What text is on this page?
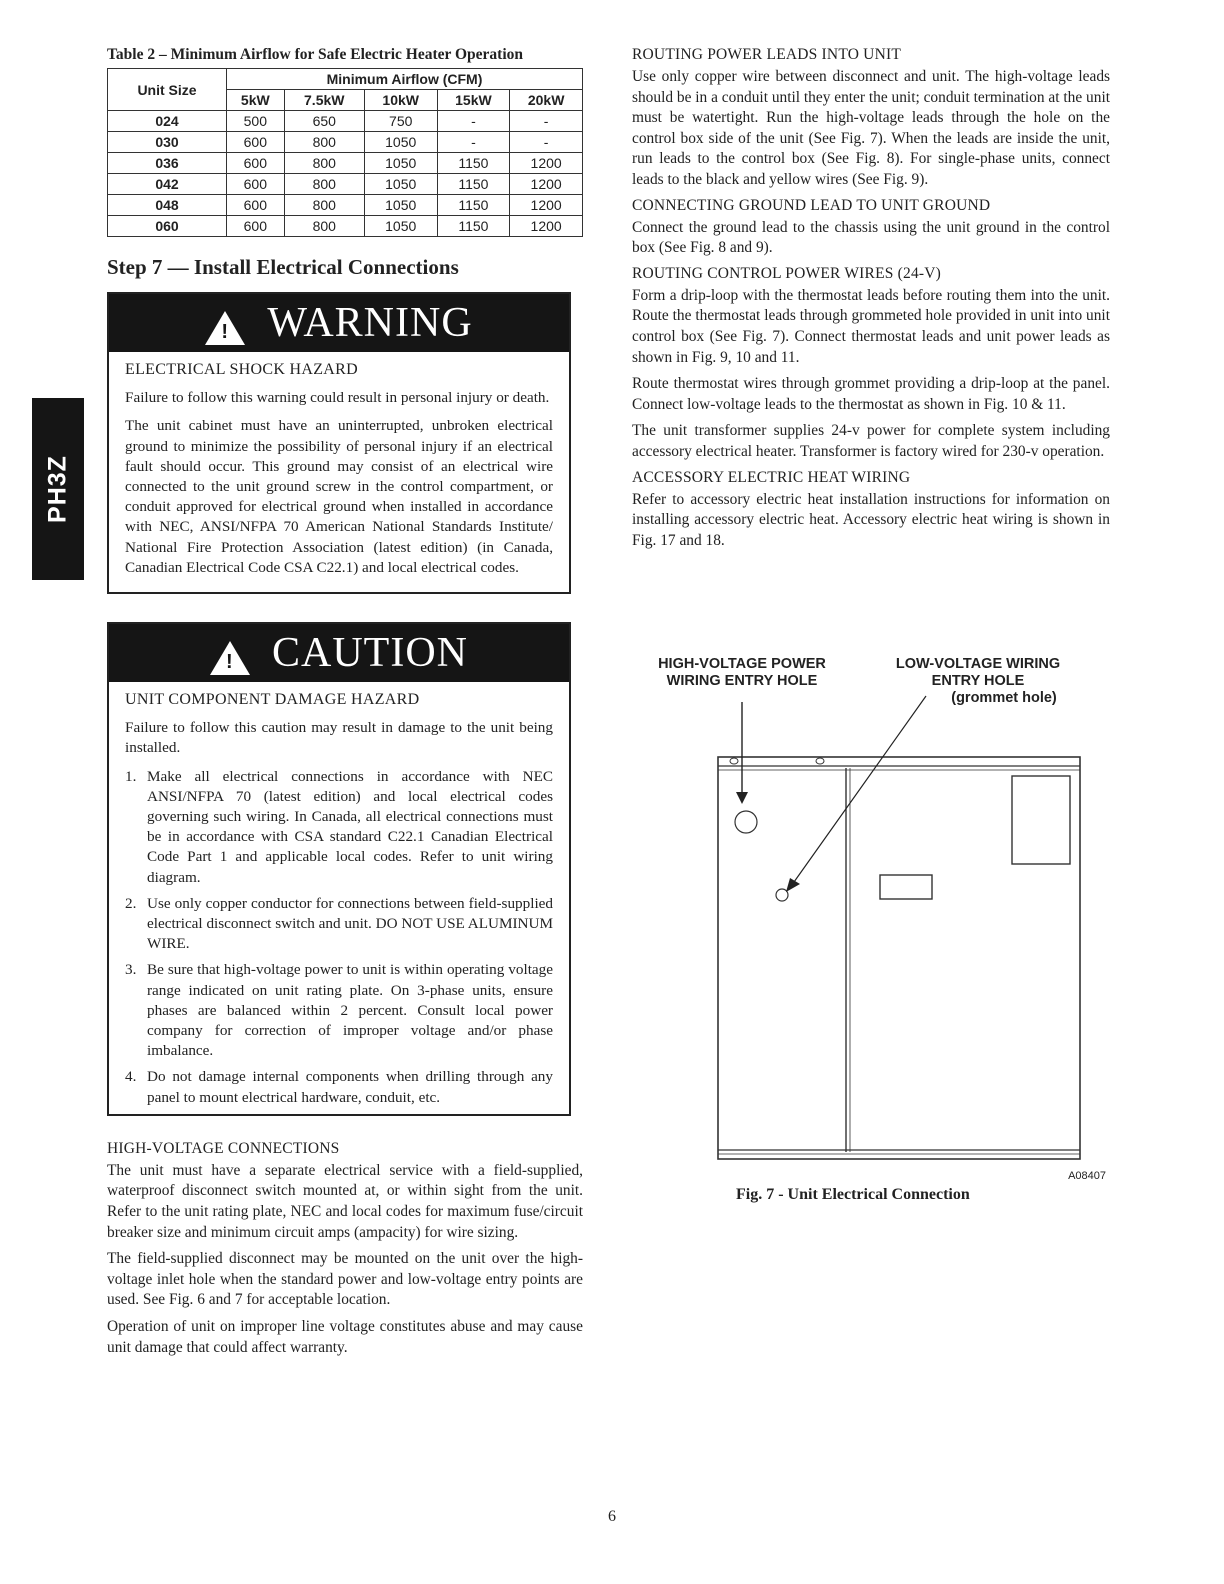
PH3Z
Table 2 – Minimum Airflow for Safe Electric Heater Operation
Unit Size	Minimum Airflow (CFM)				
	5kW	7.5kW	10kW	15kW	20kW
024	500	650	750	-	-
030	600	800	1050	-	-
036	600	800	1050	1150	1200
042	600	800	1050	1150	1200
048	600	800	1050	1150	1200
060	600	800	1050	1150	1200
Step 7 — Install Electrical Connections
! WARNING
ELECTRICAL SHOCK HAZARD

Failure to follow this warning could result in personal injury or death.

The unit cabinet must have an uninterrupted, unbroken electrical ground to minimize the possibility of personal injury if an electrical fault should occur. This ground may consist of an electrical wire connected to the unit ground screw in the control compartment, or conduit approved for electrical ground when installed in accordance with NEC, ANSI/NFPA 70 American National Standards Institute/ National Fire Protection Association (latest edition) (in Canada, Canadian Electrical Code CSA C22.1) and local electrical codes.

! CAUTION
UNIT COMPONENT DAMAGE HAZARD

Failure to follow this caution may result in damage to the unit being installed.

1. Make all electrical connections in accordance with NEC ANSI/NFPA 70 (latest edition) and local electrical codes governing such wiring. In Canada, all electrical connections must be in accordance with CSA standard C22.1 Canadian Electrical Code Part 1 and applicable local codes. Refer to unit wiring diagram.
2. Use only copper conductor for connections between field-supplied electrical disconnect switch and unit. DO NOT USE ALUMINUM WIRE.
3. Be sure that high-voltage power to unit is within operating voltage range indicated on unit rating plate. On 3-phase units, ensure phases are balanced within 2 percent. Consult local power company for correction of improper voltage and/or phase imbalance.
4. Do not damage internal components when drilling through any panel to mount electrical hardware, conduit, etc.
HIGH-VOLTAGE CONNECTIONS

The unit must have a separate electrical service with a field-supplied, waterproof disconnect switch mounted at, or within sight from the unit. Refer to the unit rating plate, NEC and local codes for maximum fuse/circuit breaker size and minimum circuit amps (ampacity) for wire sizing.

The field-supplied disconnect may be mounted on the unit over the high-voltage inlet hole when the standard power and low-voltage entry points are used. See Fig. 6 and 7 for acceptable location.

Operation of unit on improper line voltage constitutes abuse and may cause unit damage that could affect warranty.

ROUTING POWER LEADS INTO UNIT

Use only copper wire between disconnect and unit. The high-voltage leads should be in a conduit until they enter the unit; conduit termination at the unit must be watertight. Run the high-voltage leads through the hole on the control box side of the unit (See Fig. 7). When the leads are inside the unit, run leads to the control box (See Fig. 8). For single-phase units, connect leads to the black and yellow wires (See Fig. 9).

CONNECTING GROUND LEAD TO UNIT GROUND

Connect the ground lead to the chassis using the unit ground in the control box (See Fig. 8 and 9).

ROUTING CONTROL POWER WIRES (24-V)

Form a drip-loop with the thermostat leads before routing them into the unit. Route the thermostat leads through grommeted hole provided in unit into unit control box (See Fig. 7). Connect thermostat leads and unit power leads as shown in Fig. 9, 10 and 11.

Route thermostat wires through grommet providing a drip-loop at the panel. Connect low-voltage leads to the thermostat as shown in Fig. 10 & 11.

The unit transformer supplies 24-v power for complete system including accessory electrical heater. Transformer is factory wired for 230-v operation.

ACCESSORY ELECTRIC HEAT WIRING

Refer to accessory electric heat installation instructions for information on installing accessory electric heat. Accessory electric heat wiring is shown in Fig. 17 and 18.

HIGH-VOLTAGE POWER
WIRING ENTRY HOLE
LOW-VOLTAGE WIRING
ENTRY HOLE
(grommet hole)
A08407
Fig. 7 - Unit Electrical Connection
6
